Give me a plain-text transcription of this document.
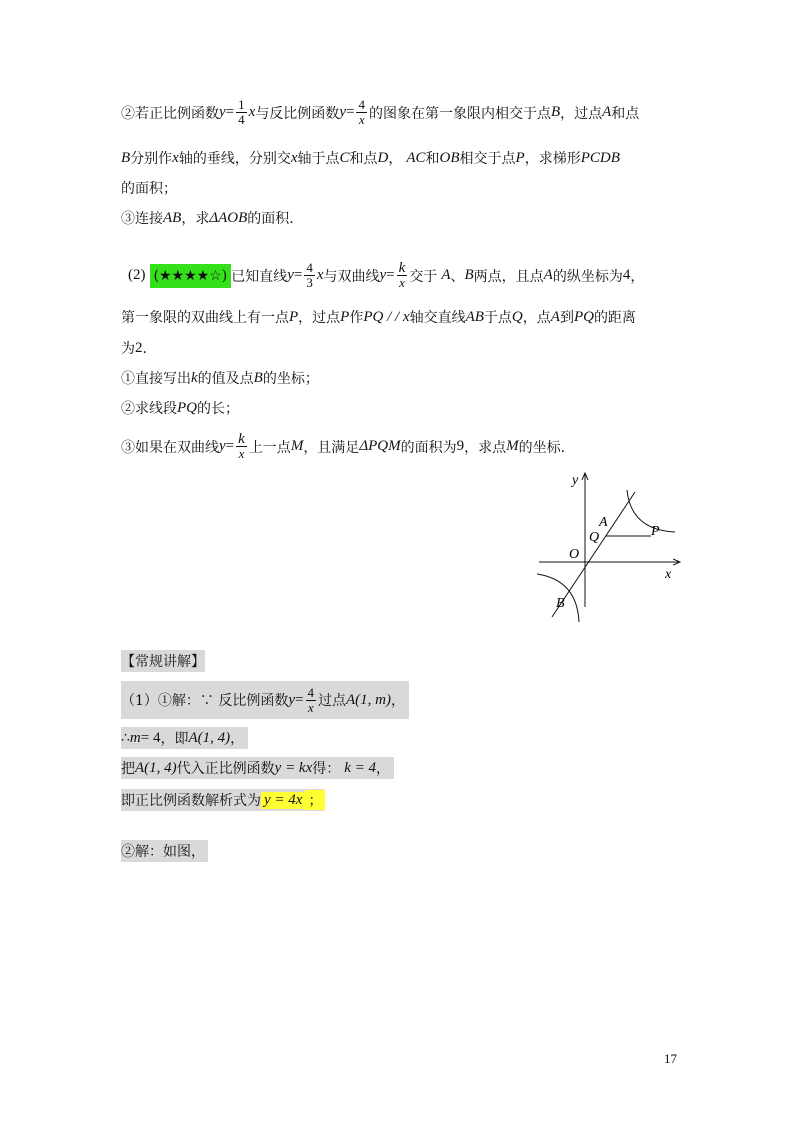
②若正比例函数 $y = \frac{1}{4}$ x 与反比例函数 $y = \frac{4}{x}$ 的图象在第一象限内相交于点 B ，过点 A 和点
B 分别作 x 轴的垂线，分别交 x 轴于点 C 和点 D ， AC 和 OB 相交于点 P ，求梯形 PCDB
的面积；
③连接 AB ，求 ΔAOB 的面积．
(2) (★★★★☆) 已知直线 $y = \frac{4}{3}$ x 与双曲线 $y = \frac{k}{x}$ 交于 A 、 B 两点，且点 A 的纵坐标为 4 ，
第一象限的双曲线上有一点 P ，过点 P 作 PQ / / x 轴交直线 AB 于点 Q ，点 A 到 PQ 的距离
为 2 ．
①直接写出 k 的值及点 B 的坐标；
②求线段 PQ 的长；
③如果在双曲线 $y = \frac{k}{x}$ 上一点 M ，且满足 ΔPQM 的面积为 9 ，求点 M 的坐标．
y
x
O
A
Q	P
B
【常规讲解】
（1）①解：∵ 反比例函数 $y = \frac{4}{x}$ 过点 A(1, m) ，
∴ m = 4 ，即 A(1, 4) ，
把 A(1, 4) 代入正比例函数 y = kx 得： k = 4 ，
即正比例函数解析式为 y = 4x ；
②解：如图，
17
